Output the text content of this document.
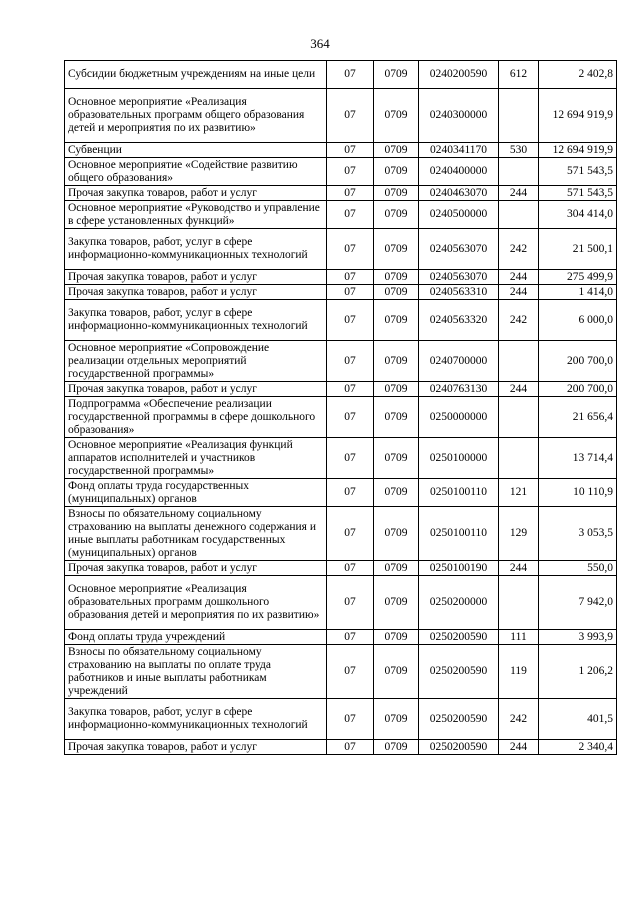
364
Субсидии бюджетным учреждениям на иные цели	07	0709	0240200590	612	2 402,8
Основное мероприятие «Реализация образовательных программ общего образования детей и мероприятия по их развитию»	07	0709	0240300000		12 694 919,9
Субвенции	07	0709	0240341170	530	12 694 919,9
Основное мероприятие «Содействие развитию общего образования»	07	0709	0240400000		571 543,5
Прочая закупка товаров, работ и услуг	07	0709	0240463070	244	571 543,5
Основное мероприятие «Руководство и управление в сфере установленных функций»	07	0709	0240500000		304 414,0
Закупка товаров, работ, услуг в сфере информационно-коммуникационных технологий	07	0709	0240563070	242	21 500,1
Прочая закупка товаров, работ и услуг	07	0709	0240563070	244	275 499,9
Прочая закупка товаров, работ и услуг	07	0709	0240563310	244	1 414,0
Закупка товаров, работ, услуг в сфере информационно-коммуникационных технологий	07	0709	0240563320	242	6 000,0
Основное мероприятие «Сопровождение реализации отдельных мероприятий государственной программы»	07	0709	0240700000		200 700,0
Прочая закупка товаров, работ и услуг	07	0709	0240763130	244	200 700,0
Подпрограмма «Обеспечение реализации государственной программы в сфере дошкольного образования»	07	0709	0250000000		21 656,4
Основное мероприятие «Реализация функций аппаратов исполнителей и участников государственной программы»	07	0709	0250100000		13 714,4
Фонд оплаты труда государственных (муниципальных) органов	07	0709	0250100110	121	10 110,9
Взносы по обязательному социальному страхованию на выплаты денежного содержания и иные выплаты работникам государственных (муниципальных) органов	07	0709	0250100110	129	3 053,5
Прочая закупка товаров, работ и услуг	07	0709	0250100190	244	550,0
Основное мероприятие «Реализация образовательных программ дошкольного образования детей и мероприятия по их развитию»	07	0709	0250200000		7 942,0
Фонд оплаты труда учреждений	07	0709	0250200590	111	3 993,9
Взносы по обязательному социальному страхованию на выплаты по оплате труда работников и иные выплаты работникам учреждений	07	0709	0250200590	119	1 206,2
Закупка товаров, работ, услуг в сфере информационно-коммуникационных технологий	07	0709	0250200590	242	401,5
Прочая закупка товаров, работ и услуг	07	0709	0250200590	244	2 340,4
